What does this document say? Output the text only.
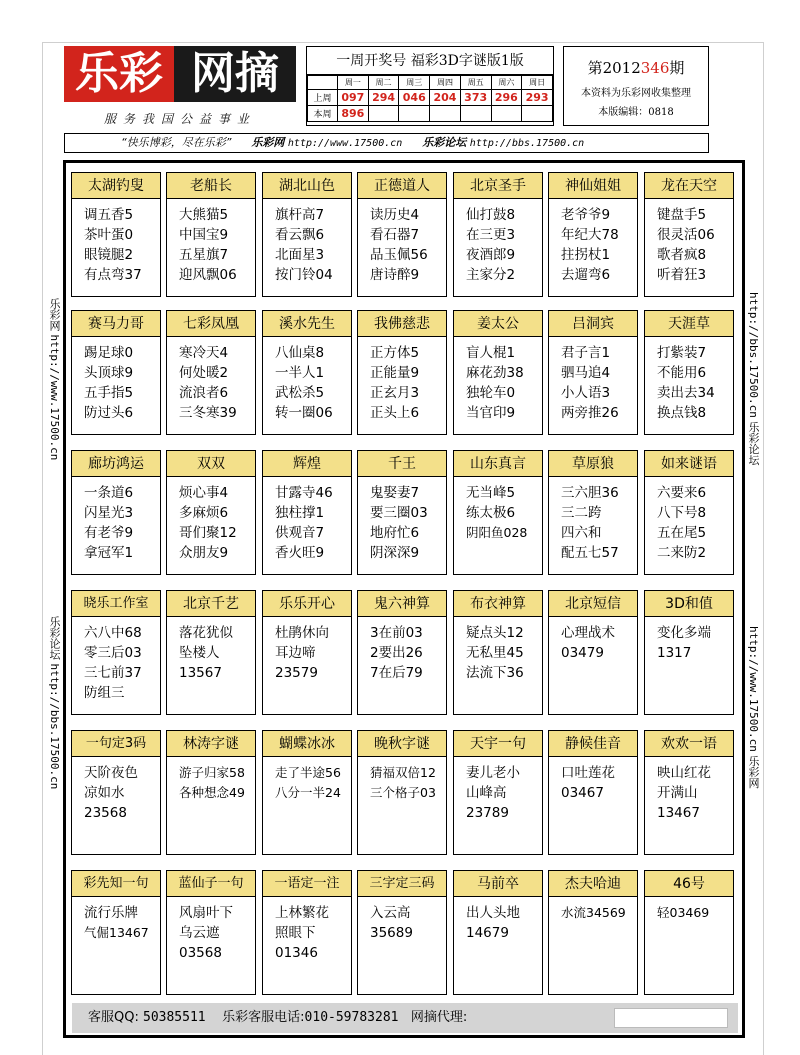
乐彩 网摘
服务我国公益事业
一周开奖号 福彩3D字谜版1版
	周一	周二	周三	周四	周五	周六	周日
上周	097	294	046	204	373	296	293
本周	896						
第2012346期
本资料为乐彩网收集整理
本版编辑：0818
“快乐博彩，尽在乐彩” 乐彩网 http://www.17500.cn 乐彩论坛 http://bbs.17500.cn
乐彩网 http://www.17500.cn
乐彩论坛 http://bbs.17500.cn
http://bbs.17500.cn 乐彩论坛
http://www.17500.cn 乐彩网
太湖钓叟
调五香5
茶叶蛋0
眼镜腿2
有点弯37
老船长
大熊猫5
中国宝9
五星旗7
迎风飘06
湖北山色
旗杆高7
看云飘6
北面星3
按门铃04
正德道人
读历史4
看石器7
品玉佩56
唐诗醉9
北京圣手
仙打鼓8
在三更3
夜酒郎9
主家分2
神仙姐姐
老爷爷9
年纪大78
拄拐杖1
去遛弯6
龙在天空
键盘手5
很灵活06
歌者疯8
听着狂3
赛马力哥
踢足球0
头顶球9
五手指5
防过头6
七彩凤凰
寒冷天4
何处暖2
流浪者6
三冬寒39
溪水先生
八仙桌8
一半人1
武松杀5
转一圈06
我佛慈悲
正方体5
正能量9
正玄月3
正头上6
姜太公
盲人棍1
麻花劲38
独轮车0
当官印9
吕洞宾
君子言1
驷马追4
小人语3
两旁推26
天涯草
打紫装7
不能用6
卖出去34
换点钱8
廊坊鸿运
一条道6
闪星光3
有老爷9
拿冠军1
双双
烦心事4
多麻烦6
哥们聚12
众朋友9
辉煌
甘露寺46
独柱撑1
供观音7
香火旺9
千王
鬼娶妻7
要三圈03
地府忙6
阴深深9
山东真言
无当峰5
练太极6
阴阳鱼028
草原狼
三六胆36
三二跨
四六和
配五七57
如来谜语
六要来6
八下号8
五在尾5
二来防2
晓乐工作室
六八中68
零三后03
三七前37
防组三
北京千艺
落花犹似
坠楼人
13567
乐乐开心
杜鹃休向
耳边啼
23579
鬼六神算
3在前03
2要出26
7在后79
布衣神算
疑点头12
无私里45
法流下36
北京短信
心理战术
03479
3D和值
变化多端
1317
一句定3码
天阶夜色
凉如水
23568
林涛字谜
游子归家58
各种想念49
蝴蝶冰冰
走了半途56
八分一半24
晚秋字谜
猜福双倍12
三个格子03
天宇一句
妻儿老小
山峰高
23789
静候佳音
口吐莲花
03467
欢欢一语
映山红花
开满山
13467
彩先知一句
流行乐牌
气倔13467
蓝仙子一句
风扇叶下
乌云遮
03568
一语定一注
上林繁花
照眼下
01346
三字定三码
入云高
35689
马前卒
出人头地
14679
杰夫哈迪
水流34569
46号
轻03469
客服QQ: 50385511 乐彩客服电话:010-59783281 网摘代理:
